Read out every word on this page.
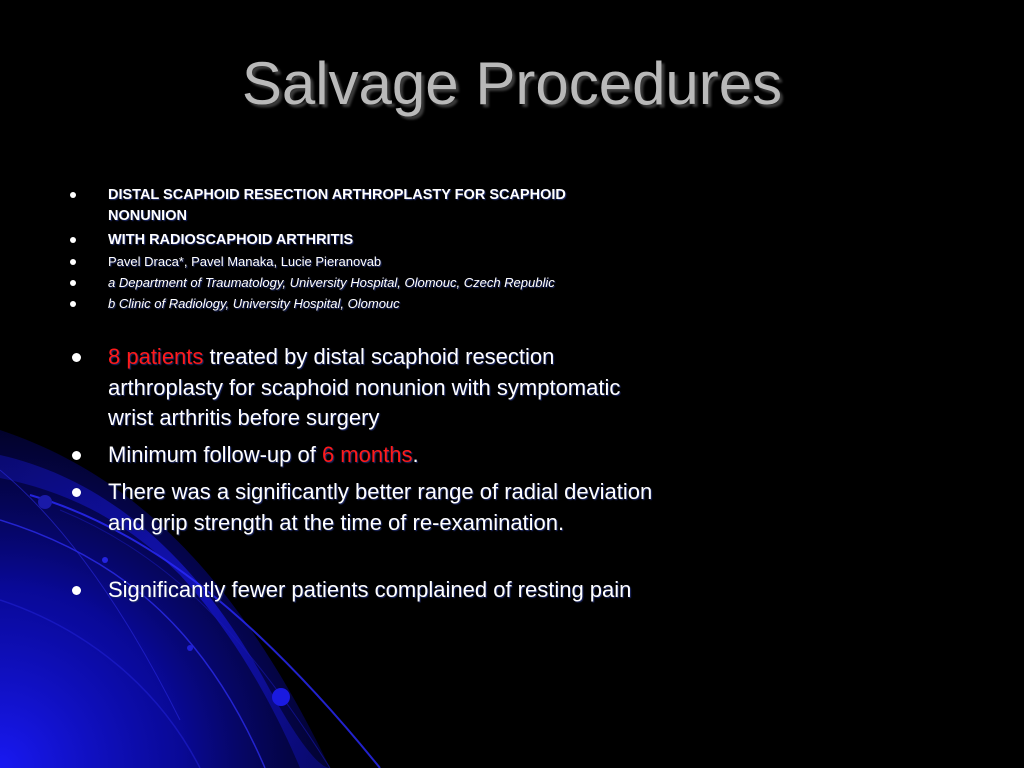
Salvage Procedures
DISTAL SCAPHOID RESECTION ARTHROPLASTY FOR SCAPHOID NONUNION
WITH RADIOSCAPHOID ARTHRITIS
Pavel Draca*, Pavel Manaka, Lucie Pieranovab
a Department of Traumatology, University Hospital, Olomouc, Czech Republic
b Clinic of Radiology, University Hospital, Olomouc
8 patients treated by distal scaphoid resection arthroplasty for scaphoid nonunion with symptomatic wrist arthritis before surgery
Minimum follow-up of 6 months.
There was a significantly better range of radial deviation and grip strength at the time of re-examination.
Significantly fewer patients complained of resting pain
